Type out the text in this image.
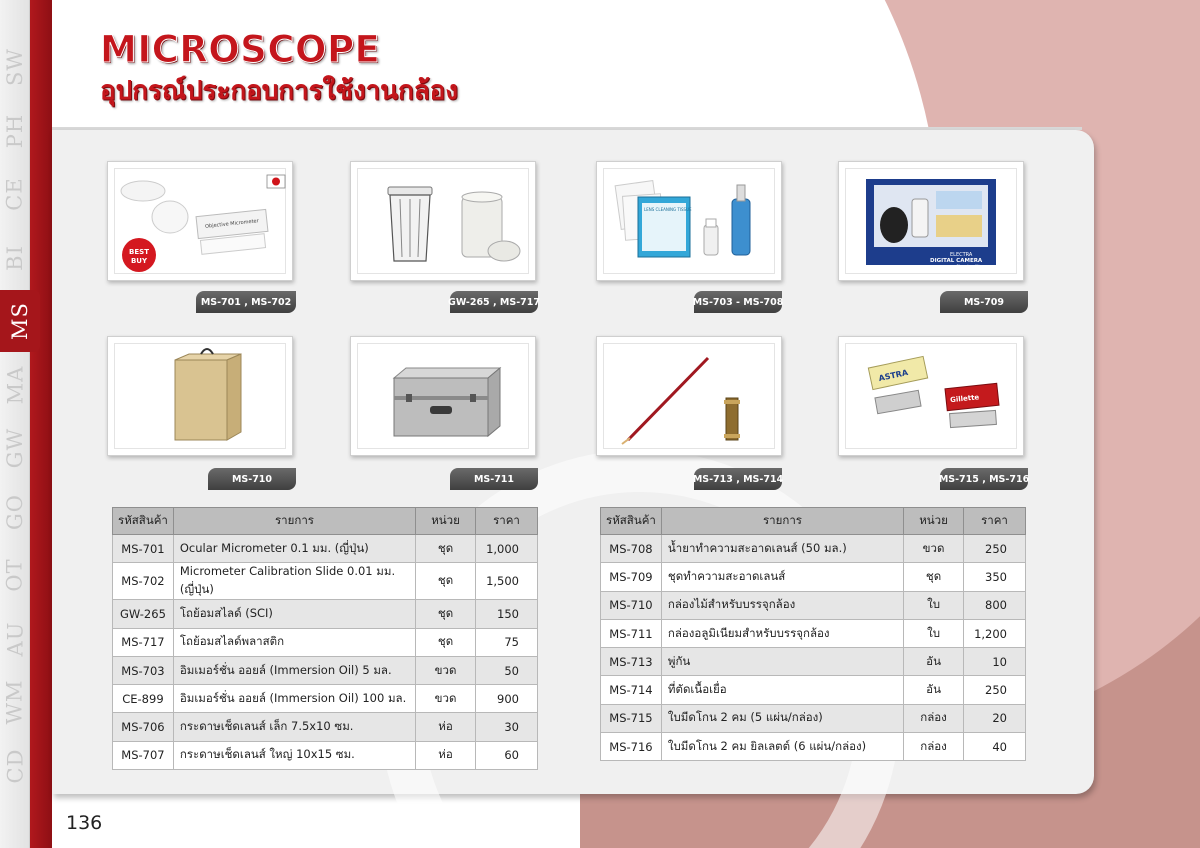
SW
PH
CE
BI
MS
MA
GW
GO
OT
AU
WM
CD
MICROSCOPE
อุปกรณ์ประกอบการใช้งานกล้อง
Objective Micrometer
BEST
BUY
MS-701 , MS-702	GW-265 , MS-717
LENS CLEANING TISSUE
MS-703 - MS-708
ELECTRA
DIGITAL CAMERA
Cleaning Kit
MS-709
MS-710	MS-711	MS-713 , MS-714
ASTRA
Gillette
MS-715 , MS-716
รหัสสินค้า	รายการ	หน่วย	ราคา
MS-701	Ocular Micrometer 0.1 มม. (ญี่ปุ่น)	ชุด	1,000
MS-702	Micrometer Calibration Slide 0.01 มม. (ญี่ปุ่น)	ชุด	1,500
GW-265	โถย้อมสไลด์ (SCI)	ชุด	150
MS-717	โถย้อมสไลด์พลาสติก	ชุด	75
MS-703	อิมเมอร์ชั่น ออยล์ (Immersion Oil) 5 มล.	ขวด	50
CE-899	อิมเมอร์ชั่น ออยล์ (Immersion Oil) 100 มล.	ขวด	900
MS-706	กระดาษเช็ดเลนส์ เล็ก 7.5x10 ซม.	ห่อ	30
MS-707	กระดาษเช็ดเลนส์ ใหญ่ 10x15 ซม.	ห่อ	60
รหัสสินค้า	รายการ	หน่วย	ราคา
MS-708	น้ำยาทำความสะอาดเลนส์ (50 มล.)	ขวด	250
MS-709	ชุดทำความสะอาดเลนส์	ชุด	350
MS-710	กล่องไม้สำหรับบรรจุกล้อง	ใบ	800
MS-711	กล่องอลูมิเนียมสำหรับบรรจุกล้อง	ใบ	1,200
MS-713	พู่กัน	อัน	10
MS-714	ที่ตัดเนื้อเยื่อ	อัน	250
MS-715	ใบมีดโกน 2 คม (5 แผ่น/กล่อง)	กล่อง	20
MS-716	ใบมีดโกน 2 คม ยิลเลตต์ (6 แผ่น/กล่อง)	กล่อง	40
136
